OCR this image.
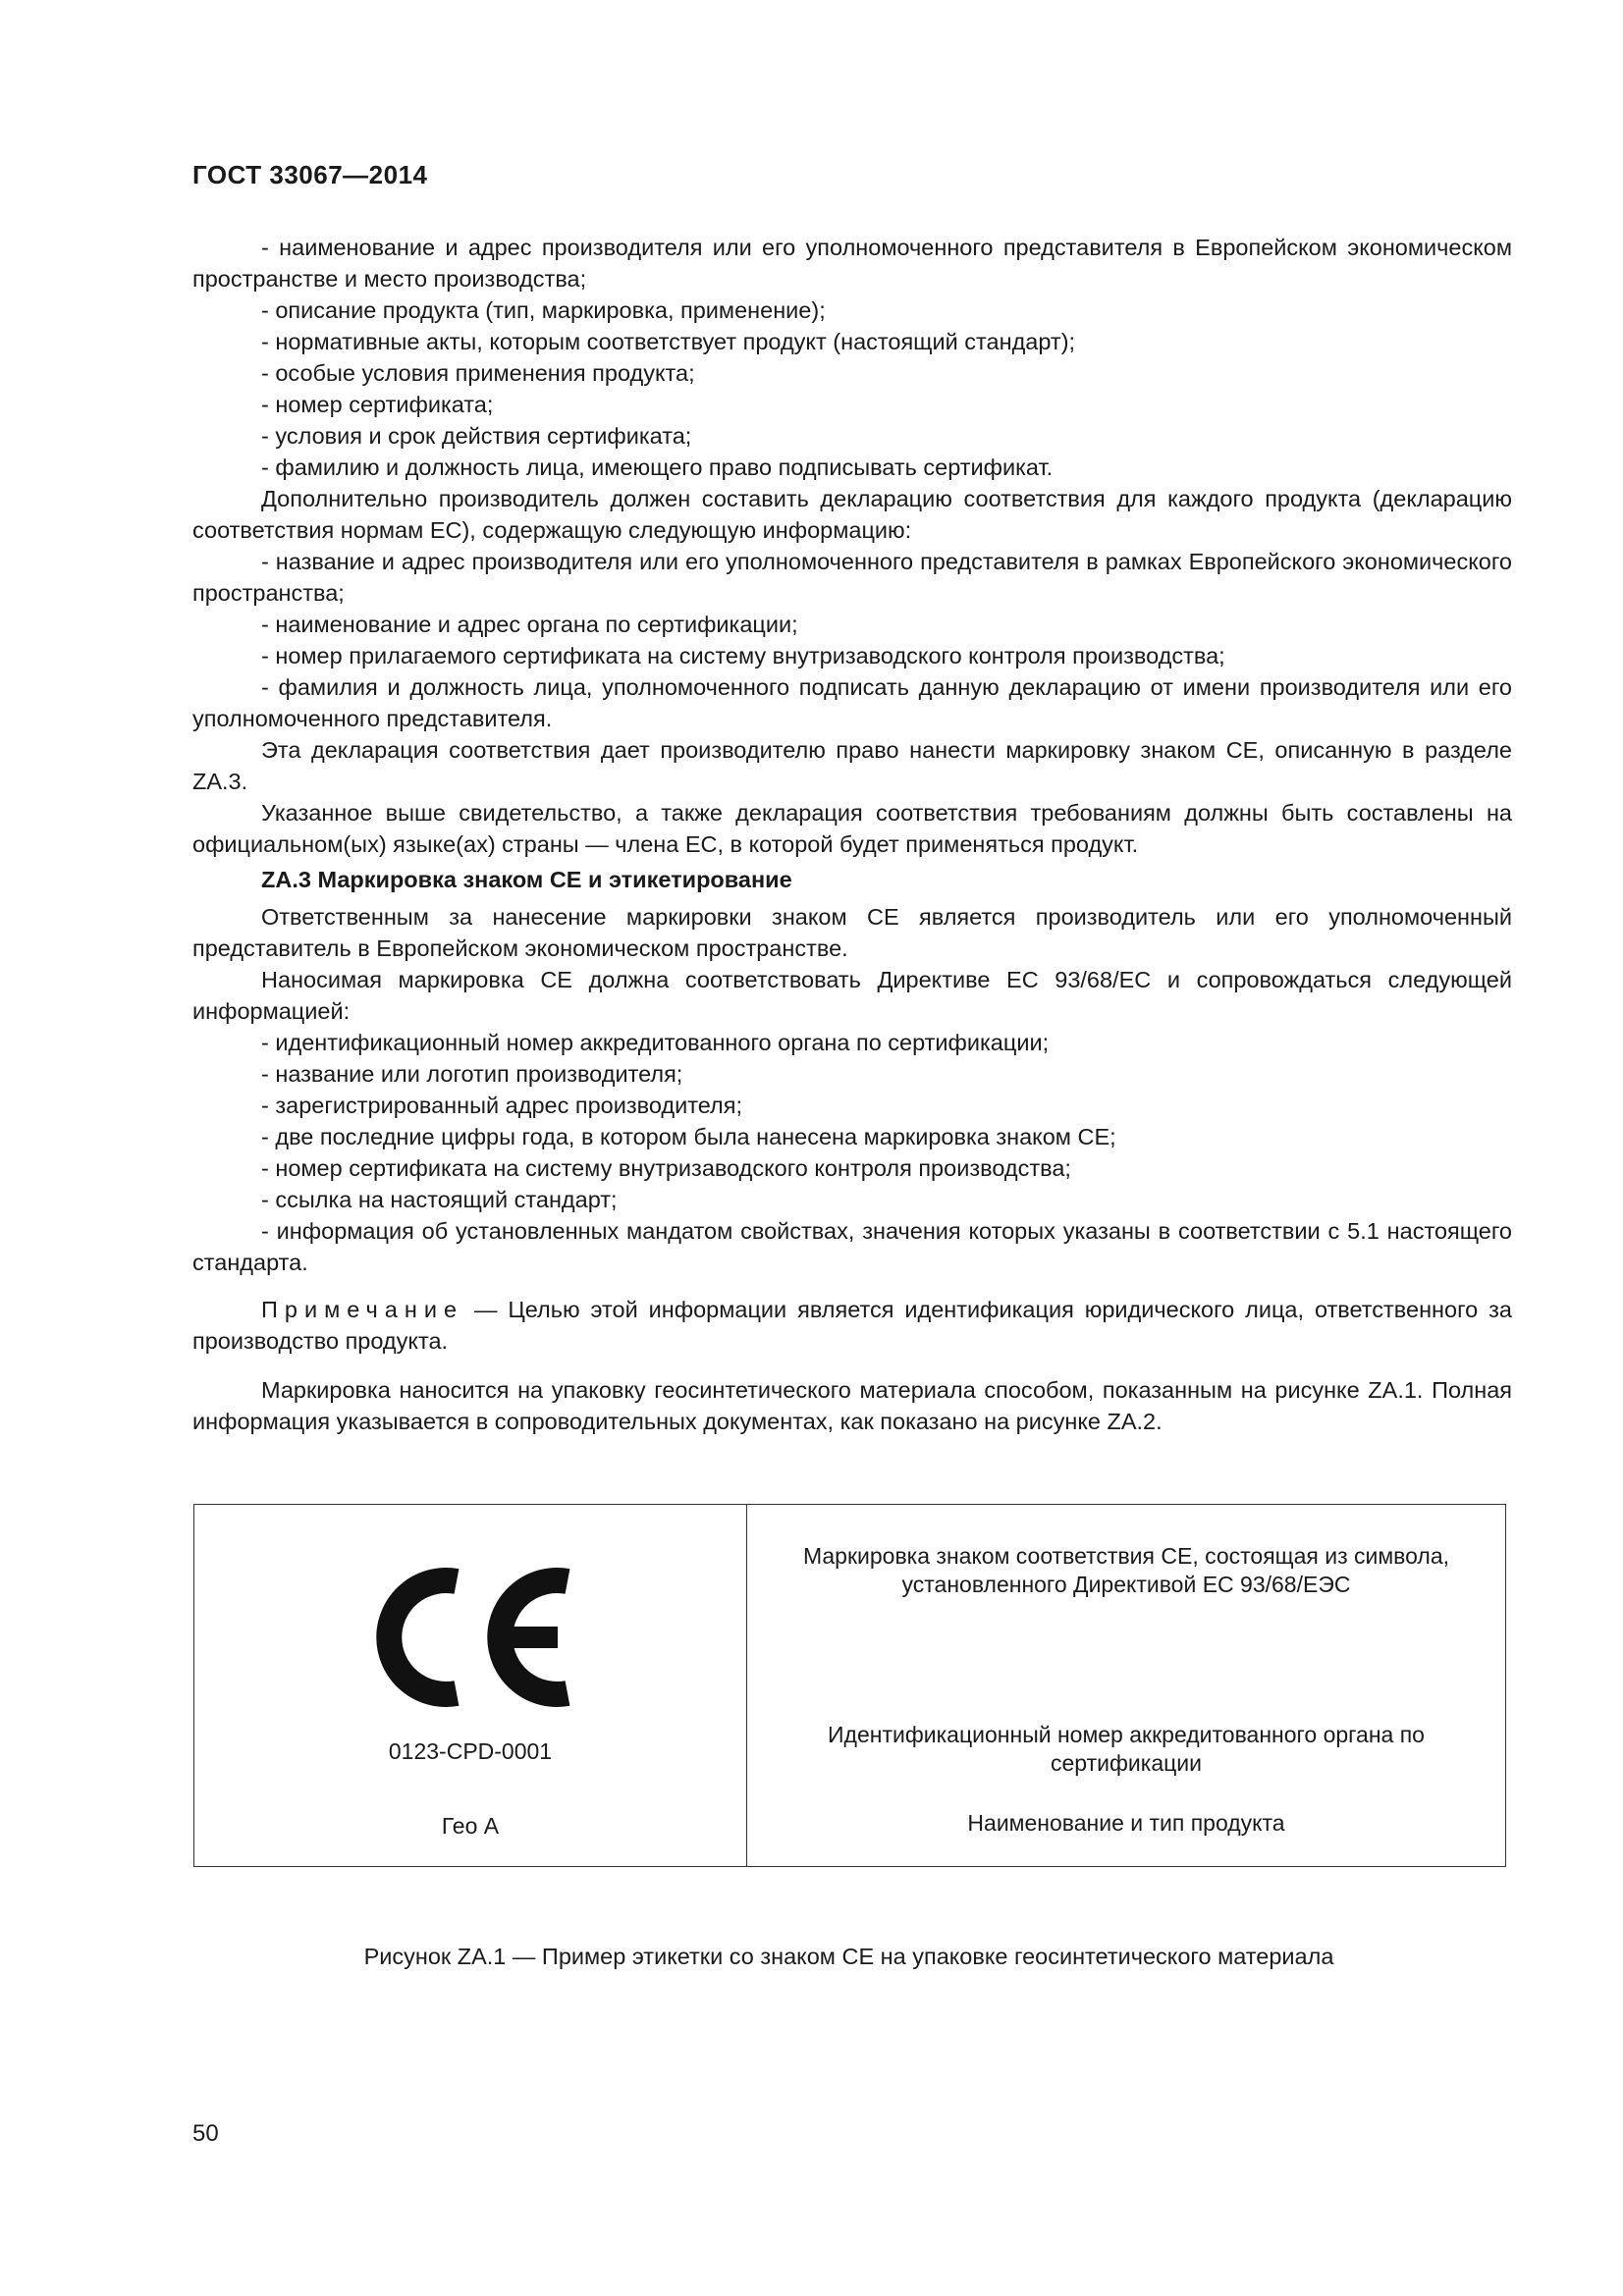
ГОСТ 33067—2014

- наименование и адрес производителя или его уполномоченного представителя в Европейском экономическом пространстве и место производства;

- описание продукта (тип, маркировка, применение);

- нормативные акты, которым соответствует продукт (настоящий стандарт);

- особые условия применения продукта;

- номер сертификата;

- условия и срок действия сертификата;

- фамилию и должность лица, имеющего право подписывать сертификат.

Дополнительно производитель должен составить декларацию соответствия для каждого продукта (декларацию соответствия нормам ЕС), содержащую следующую информацию:

- название и адрес производителя или его уполномоченного представителя в рамках Европейского экономического пространства;

- наименование и адрес органа по сертификации;

- номер прилагаемого сертификата на систему внутризаводского контроля производства;

- фамилия и должность лица, уполномоченного подписать данную декларацию от имени производителя или его уполномоченного представителя.

Эта декларация соответствия дает производителю право нанести маркировку знаком СЕ, описанную в разделе ZA.3.

Указанное выше свидетельство, а также декларация соответствия требованиям должны быть составлены на официальном(ых) языке(ах) страны — члена ЕС, в которой будет применяться продукт.

ZA.3 Маркировка знаком СЕ и этикетирование

Ответственным за нанесение маркировки знаком СЕ является производитель или его уполномоченный представитель в Европейском экономическом пространстве.

Наносимая маркировка СЕ должна соответствовать Директиве ЕС 93/68/ЕС и сопровождаться следующей информацией:

- идентификационный номер аккредитованного органа по сертификации;

- название или логотип производителя;

- зарегистрированный адрес производителя;

- две последние цифры года, в котором была нанесена маркировка знаком СЕ;

- номер сертификата на систему внутризаводского контроля производства;

- ссылка на настоящий стандарт;

- информация об установленных мандатом свойствах, значения которых указаны в соответствии с 5.1 настоящего стандарта.

Примечание — Целью этой информации является идентификация юридического лица, ответственного за производство продукта.

Маркировка наносится на упаковку геосинтетического материала способом, показанным на рисунке ZA.1. Полная информация указывается в сопроводительных документах, как показано на рисунке ZA.2.

0123-CPD-0001
Гео А
Маркировка знаком соответствия СЕ, состоящая из символа, установленного Директивой ЕС 93/68/ЕЭС
Идентификационный номер аккредитованного органа по сертификации
Наименование и тип продукта
Рисунок ZA.1 — Пример этикетки со знаком СЕ на упаковке геосинтетического материала
50
